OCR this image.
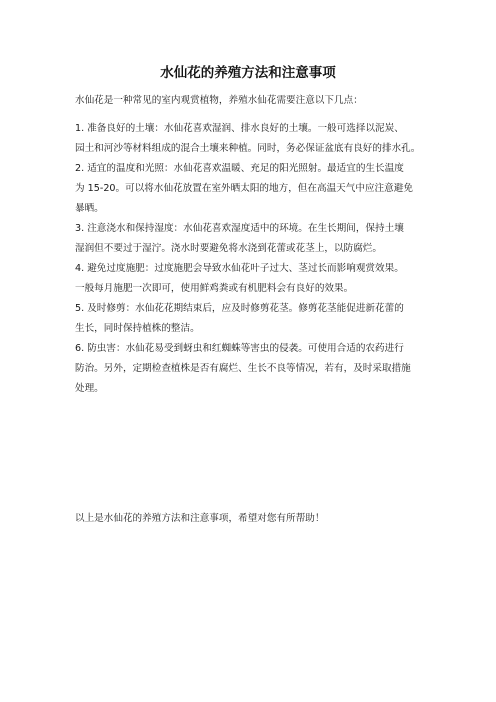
水仙花的养殖方法和注意事项
水仙花是一种常见的室内观赏植物，养殖水仙花需要注意以下几点：
1. 准备良好的土壤：水仙花喜欢湿润、排水良好的土壤。一般可选择以泥炭、
园土和河沙等材料组成的混合土壤来种植。同时，务必保证盆底有良好的排水孔。
2. 适宜的温度和光照：水仙花喜欢温暖、充足的阳光照射。最适宜的生长温度
为 15-20。可以将水仙花放置在室外晒太阳的地方，但在高温天气中应注意避免
暴晒。
3. 注意浇水和保持湿度：水仙花喜欢湿度适中的环境。在生长期间，保持土壤
湿润但不要过于湿泞。浇水时要避免将水浇到花蕾或花茎上，以防腐烂。
4. 避免过度施肥：过度施肥会导致水仙花叶子过大、茎过长而影响观赏效果。
一般每月施肥一次即可，使用鲜鸡粪或有机肥料会有良好的效果。
5. 及时修剪：水仙花花期结束后，应及时修剪花茎。修剪花茎能促进新花蕾的
生长，同时保持植株的整洁。
6. 防虫害：水仙花易受到蚜虫和红蜘蛛等害虫的侵袭。可使用合适的农药进行
防治。另外，定期检查植株是否有腐烂、生长不良等情况，若有，及时采取措施
处理。
以上是水仙花的养殖方法和注意事项，希望对您有所帮助！
